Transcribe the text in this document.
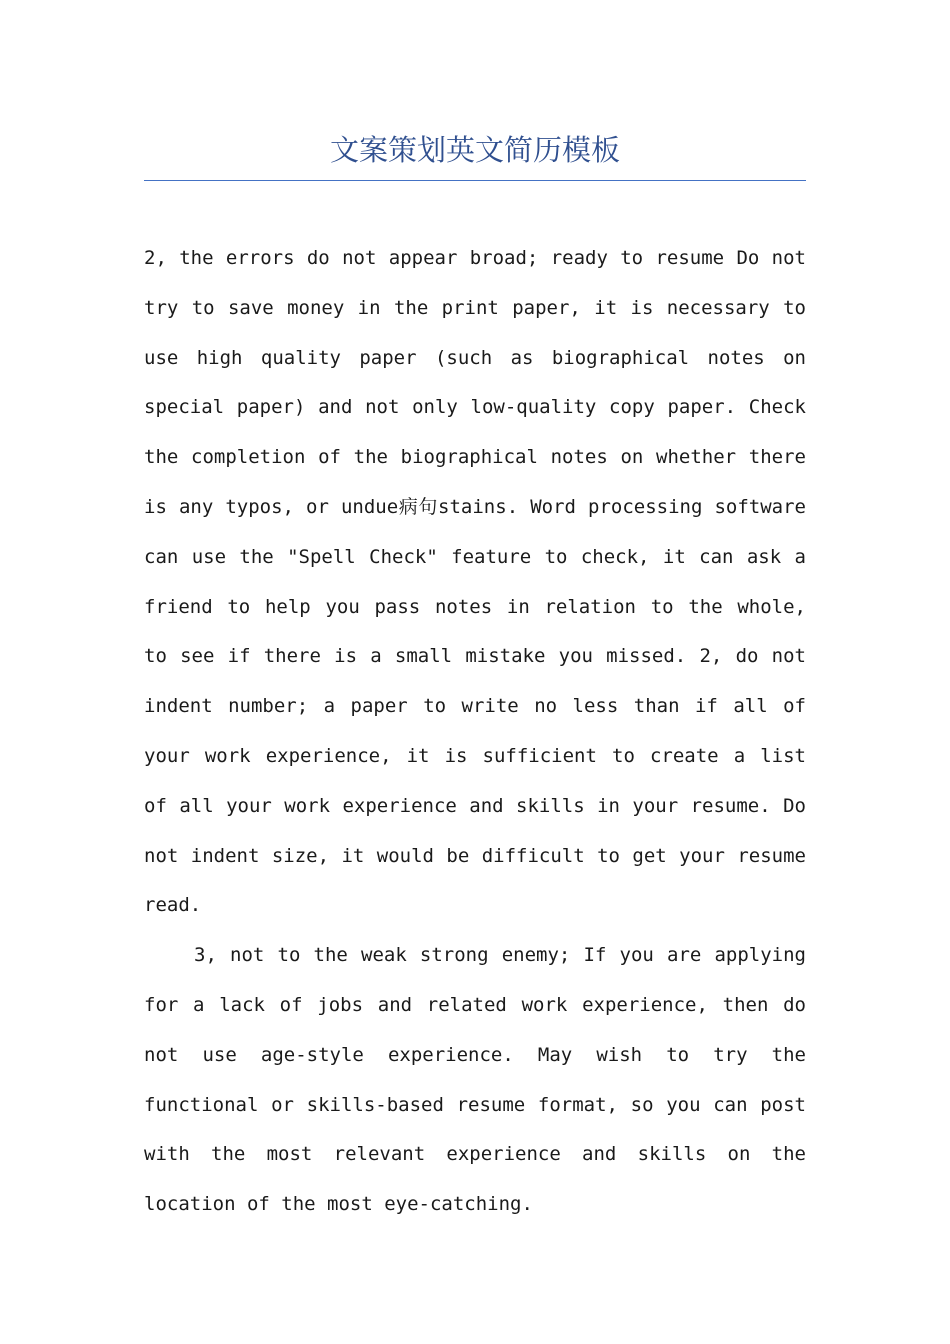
文案策划英文简历模板

2, the errors do not appear broad; ready to resume Do not try to save money in the print paper, it is necessary to use high quality paper (such as biographical notes on special paper) and not only low-quality copy paper. Check the completion of the biographical notes on whether there is any typos, or undue病句stains. Word processing software can use the "Spell Check" feature to check, it can ask a friend to help you pass notes in relation to the whole, to see if there is a small mistake you missed. 2, do not indent number; a paper to write no less than if all of your work experience, it is sufficient to create a list of all your work experience and skills in your resume. Do not indent size, it would be difficult to get your resume read.

3, not to the weak strong enemy; If you are applying for a lack of jobs and related work experience, then do not use age-style experience. May wish to try the functional or skills-based resume format, so you can post with the most relevant experience and skills on the location of the most eye-catching.
